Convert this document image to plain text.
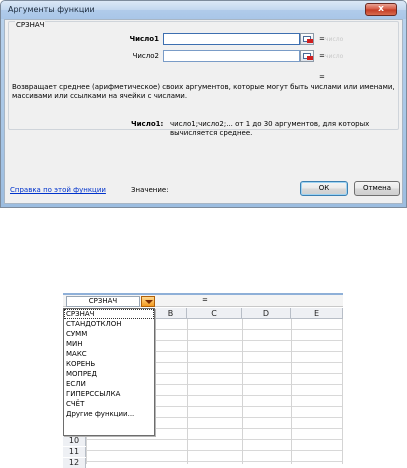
Аргументы функции	x
СРЗНАЧ
Число1	= число
Число2	= число
=
Возвращает среднее (арифметическое) своих аргументов, которые могут быть числами или именами, массивами или ссылками на ячейки с числами.
Число1: число1;число2;... от 1 до 30 аргументов, для которых вычисляется среднее.
Справка по этой функции	Значение:	ОК	Отмена
СРЗНАЧ	=
B	C	D	E
10
11
12
СРЗНАЧ
СТАНДОТКЛОН
СУММ
МИН
МАКС
КОРЕНЬ
МОПРЕД
ЕСЛИ
ГИПЕРССЫЛКА
СЧЁТ
Другие функции...
